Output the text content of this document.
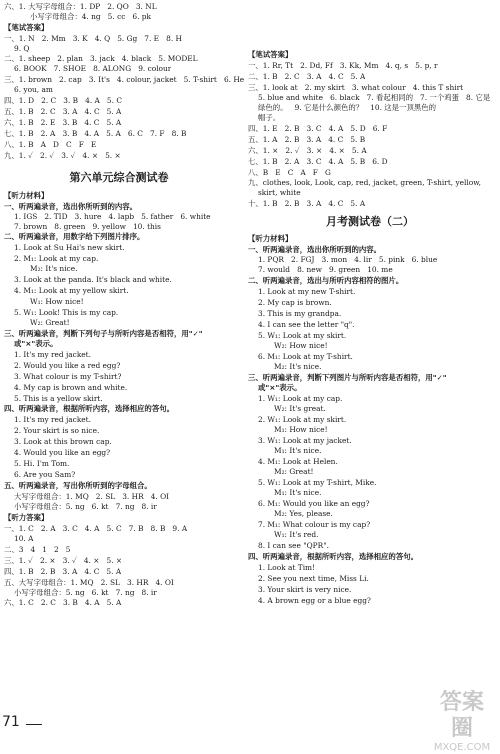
六、1. 大写字母组合：1. DP   2. QO   3. NL
小写字母组合：4. ng   5. cc   6. pk
【笔试答案】
一、1. N   2. Mm   3. K   4. Q   5. Gg   7. E   8. H
9. Q
二、1. sheep   2. plan   3. jack   4. black   5. MODEL
6. BOOK   7. SHOE   8. ALONG   9. colour
三、1. brown   2. cap   3. It's   4. colour, jacket   5. T-shirt   6. He
6. you, am
四、1. D   2. C   3. B   4. A   5. C
五、1. B   2. C   3. A   4. C   5. A
六、1. B   2. E   3. B   4. C   5. A
七、1. B   2. A   3. B   4. A   5. A   6. C   7. F   8. B
八、1. B   A   D   C   F   E
九、1. ✓   2. ✓   3. ✓   4. ×   5. ×
第六单元综合测试卷
【听力材料】
一、听两遍录音，选出你所听到的内容。
1. IGS   2. TID   3. hure   4. lapb   5. father   6. white
7. brown   8. green   9. yellow   10. this
二、听两遍录音，用数字给下列图片排序。
1. Look at Su Hai's new skirt.
2. M₁: Look at my cap.
M₂: It's nice.
3. Look at the panda. It's black and white.
4. M₁: Look at my yellow skirt.
W₁: How nice!
5. W₁: Look! This is my cap.
W₂: Great!
三、听两遍录音，判断下列句子与所听内容是否相符，用"✓"
或"×"表示。
1. It's my red jacket.
2. Would you like a red egg?
3. What colour is my T-shirt?
4. My cap is brown and white.
5. This is a yellow skirt.
四、听两遍录音，根据所听内容，选择相应的答句。
1. It's my red jacket.
2. Your skirt is so nice.
3. Look at this brown cap.
4. Would you like an egg?
5. Hi. I'm Tom.
6. Are you Sam?
五、听两遍录音，写出你所听到的字母组合。
大写字母组合：1. MQ   2. SL   3. HR   4. OI
小写字母组合：5. ng   6. kt   7. ng   8. ir
【听力答案】
一、1. C   2. A   3. C   4. A   5. C   7. B   8. B   9. A
10. A
二、3   4   1   2   5
三、1. ✓   2. ×   3. ✓   4. ×   5. ×
四、1. B   2. B   3. A   4. C   5. A
五、大写字母组合：1. MQ   2. SL   3. HR   4. OI
小写字母组合：5. ng   6. kt   7. ng   8. ir
六、1. C   2. C   3. B   4. A   5. A
【笔试答案】
一、1. Rr, Tt   2. Dd, Ff   3. Kk, Mm   4. q, s   5. p, r
二、1. B   2. C   3. A   4. C   5. A
三、1. look at   2. my skirt   3. what colour   4. this T shirt
5. blue and white   6. black   7. 看起相同的   7. 一个鸡蛋   8. 它是
绿色的。   9. 它是什么颜色的？   10. 这是一顶黑色的
帽子。
四、1. E   2. B   3. C   4. A   5. D   6. F
五、1. A   2. B   3. A   4. C   5. B
六、1. ×   2. ✓   3. ×   4. ×   5. A
七、1. B   2. A   3. C   4. A   5. B   6. D
八、B   E   C   A   F   G
九、clothes, look, Look, cap, red, jacket, green, T-shirt, yellow,
skirt, white
十、1. B   2. B   3. A   4. C   5. A
月考测试卷（二）
【听力材料】
一、听两遍录音，选出你所听到的内容。
1. PQR   2. FGJ   3. mon   4. lir   5. pink   6. blue
7. would   8. new   9. green   10. me
二、听两遍录音，选出与所听内容相符的图片。
1. Look at my new T-shirt.
2. My cap is brown.
3. This is my grandpa.
4. I can see the letter "q".
5. W₁: Look at my skirt.
W₂: How nice!
6. M₁: Look at my T-shirt.
M₂: It's nice.
三、听两遍录音，判断下列图片与所听内容是否相符，用"✓"
或"×"表示。
1. W₁: Look at my cap.
W₂: It's great.
2. W₁: Look at my skirt.
M₁: How nice!
3. W₁: Look at my jacket.
M₁: It's nice.
4. M₁: Look at Helen.
M₂: Great!
5. W₁: Look at my T-shirt, Mike.
M₁: It's nice.
6. M₁: Would you like an egg?
M₂: Yes, please.
7. M₁: What colour is my cap?
W₁: It's red.
8. I can see "QPR".
四、听两遍录音，根据所听内容，选择相应的答句。
1. Look at Tim!
2. See you next time, Miss Li.
3. Your skirt is very nice.
4. A brown egg or a blue egg?
71
答案圈
MXQE.COM
